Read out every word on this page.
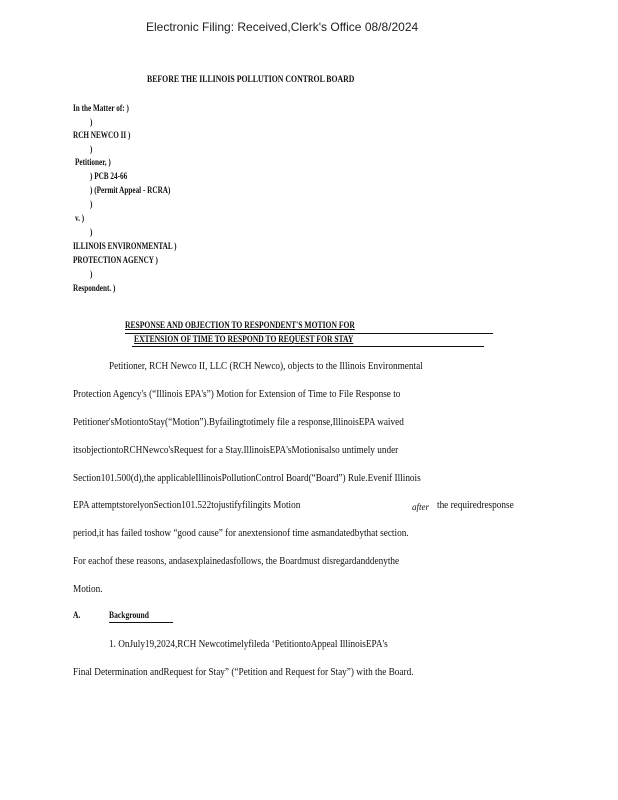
Electronic Filing: Received,Clerk's Office 08/8/2024
BEFORE THE ILLINOIS POLLUTION CONTROL BOARD
In the Matter of: )
)
RCH NEWCO II )
)
Petitioner, )
) PCB 24-66
) (Permit Appeal - RCRA)
)
v. )
)
ILLINOIS ENVIRONMENTAL )
PROTECTION AGENCY )
)
Respondent. )
RESPONSE AND OBJECTION TO RESPONDENT'S MOTION FOR
EXTENSION OF TIME TO RESPOND TO REQUEST FOR STAY
Petitioner, RCH Newco II, LLC (RCH Newco), objects to the Illinois Environmental
Protection Agency's (“Illinois EPA's”) Motion for Extension of Time to File Response to
Petitioner'sMotiontoStay(“Motion”).Byfailingtotimely file a response,IllinoisEPA waived
itsobjectiontoRCHNewco'sRequest for a Stay.IllinoisEPA'sMotionisalso untimely under
Section101.500(d),the applicableIllinoisPollutionControl Board(“Board”) Rule.Evenif Illinois
EPA attemptstorelyonSection101.522tojustifyfilingits Motion	after the requiredresponse
period,it has failed toshow “good cause” for anextensionof time asmandatedbythat section.
For eachof these reasons, andasexplainedasfollows, the Boardmust disregardanddenythe
Motion.
A.	Background
1. OnJuly19,2024,RCH Newcotimelyfileda ‘PetitiontoAppeal IllinoisEPA's
Final Determination andRequest for Stay” (“Petition and Request for Stay”) with the Board.
